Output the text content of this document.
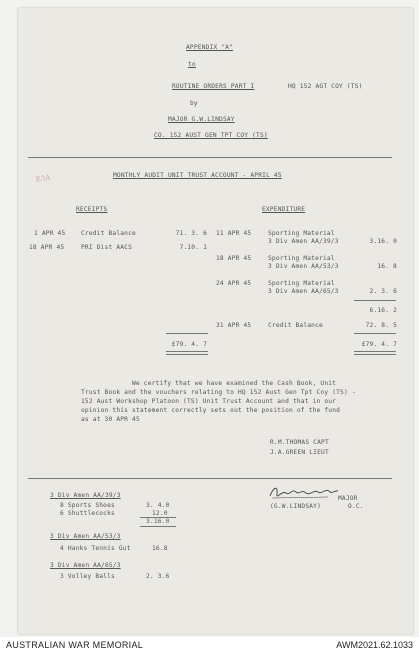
APPENDIX "A"
to
ROUTINE ORDERS PART I	HQ 152 AGT COY (TS)
by
MAJOR G.W.LINDSAY
CO. 152 AUST GEN TPT COY (TS)
E3A	MONTHLY AUDIT UNIT TRUST ACCOUNT - APRIL 45
RECEIPTS	EXPENDITURE
1 APR 45	Credit Balance	71. 3. 6
18 APR 45	PRI Dist AACS	7.10. 1
11 APR 45	Sporting Material
3 Div Amen AA/39/3	3.16. 0
18 APR 45	Sporting Material
3 Div Amen AA/53/3	16. 8
24 APR 45	Sporting Material
3 Div Amen AA/65/3	2. 3. 6
6.16. 2
31 APR 45	Credit Balance	72. 8. 5
£79. 4. 7	£79. 4. 7
We certify that we have examined the Cash Book, Unit
Trust Book and the vouchers relating to HQ 152 Aust Gen Tpt Coy (TS) -
152 Aust Workshop Platoon (TS) Unit Trust Account and that in our
opinion this statement correctly sets out the position of the fund
as at 30 APR 45
R.M.THOMAS CAPT
J.A.GREEN LIEUT
3 Div Amen AA/39/3
8 Sports Shoes	3. 4.0
6 Shuttlecocks	12.0
3.16.0
3 Div Amen AA/53/3
4 Hanks Tennis Gut	16.8
3 Div Amen AA/65/3
3 Volley Balls	2. 3.6
MAJOR
(G.W.LINDSAY)	O.C.
AUSTRALIAN WAR MEMORIAL	AWM2021.62.1033
